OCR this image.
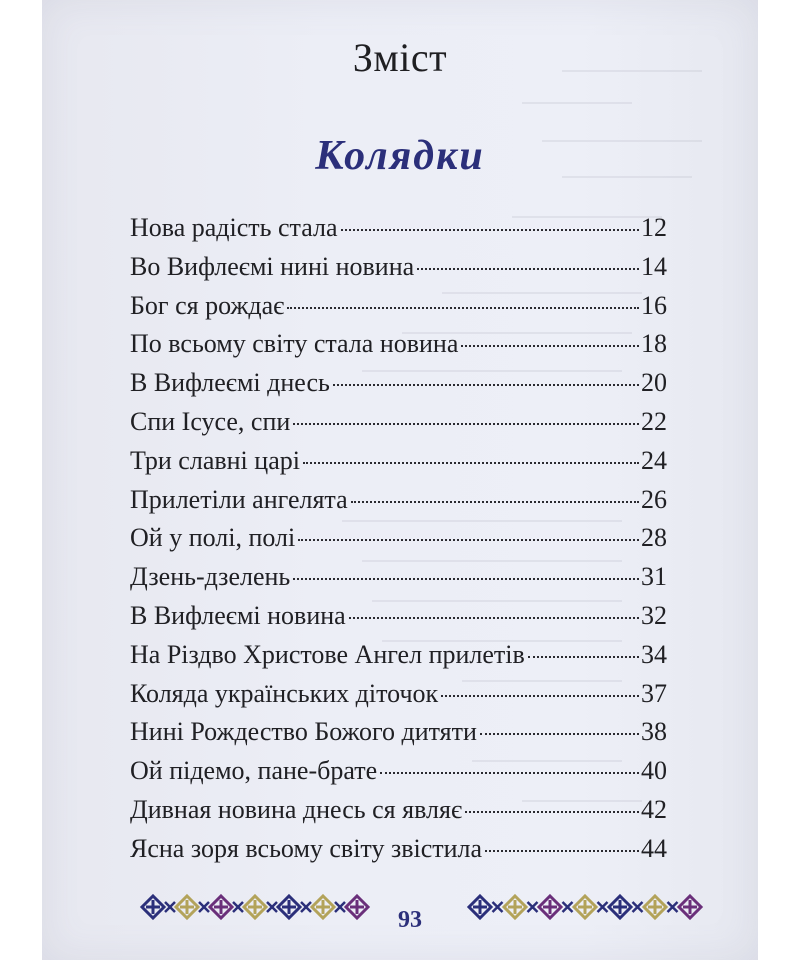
Зміст
Колядки
Нова радість стала	12
Во Вифлеємі нині новина	14
Бог ся рождає	16
По всьому світу стала новина	18
В Вифлеємі днесь	20
Спи Ісусе, спи	22
Три славні царі	24
Прилетіли ангелята	26
Ой у полі, полі	28
Дзень-дзелень	31
В Вифлеємі новина	32
На Різдво Христове Ангел прилетів	34
Коляда українських діточок	37
Нині Рождество Божого дитяти	38
Ой підемо, пане-брате	40
Дивная новина днесь ся являє	42
Ясна зоря всьому світу звістила	44
93
